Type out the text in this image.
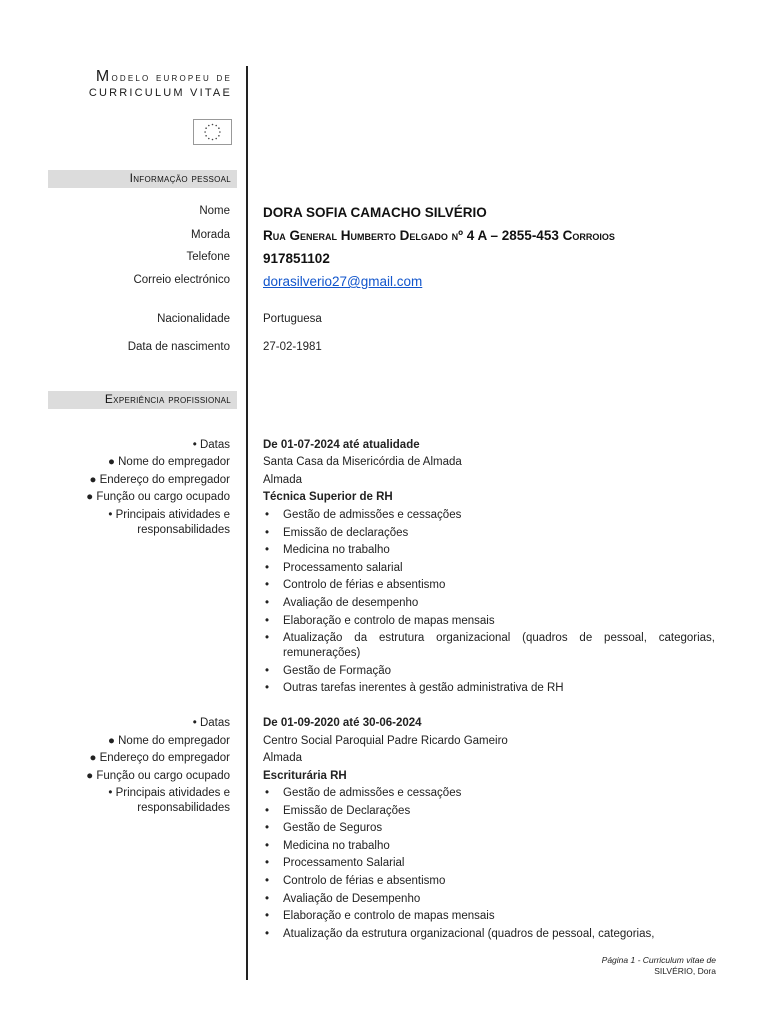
Modelo europeu de
CURRICULUM VITAE
Informação pessoal
Nome DORA SOFIA CAMACHO SILVÉRIO
Morada Rua General Humberto Delgado nº 4 A – 2855-453 Corroios
Telefone 917851102
Correio electrónico dorasilverio27@gmail.com
Nacionalidade	Portuguesa
Data de nascimento	27-02-1981
Experiência profissional
• Datas	De 01-07-2024 até atualidade
● Nome do empregador	Santa Casa da Misericórdia de Almada
● Endereço do empregador	Almada
● Função ou cargo ocupado	Técnica Superior de RH
• Principais atividades e
responsabilidades
• Gestão de admissões e cessações
• Emissão de declarações
• Medicina no trabalho
• Processamento salarial
• Controlo de férias e absentismo
• Avaliação de desempenho
• Elaboração e controlo de mapas mensais
• Atualização da estrutura organizacional (quadros de pessoal, categorias, remunerações)
• Gestão de Formação
• Outras tarefas inerentes à gestão administrativa de RH
• Datas	De 01-09-2020 até 30-06-2024
● Nome do empregador	Centro Social Paroquial Padre Ricardo Gameiro
● Endereço do empregador	Almada
● Função ou cargo ocupado	Escriturária RH
• Principais atividades e
responsabilidades
• Gestão de admissões e cessações
• Emissão de Declarações
• Gestão de Seguros
• Medicina no trabalho
• Processamento Salarial
• Controlo de férias e absentismo
• Avaliação de Desempenho
• Elaboração e controlo de mapas mensais
• Atualização da estrutura organizacional (quadros de pessoal, categorias,
Página 1 - Curriculum vitae de
SILVÉRIO, Dora
